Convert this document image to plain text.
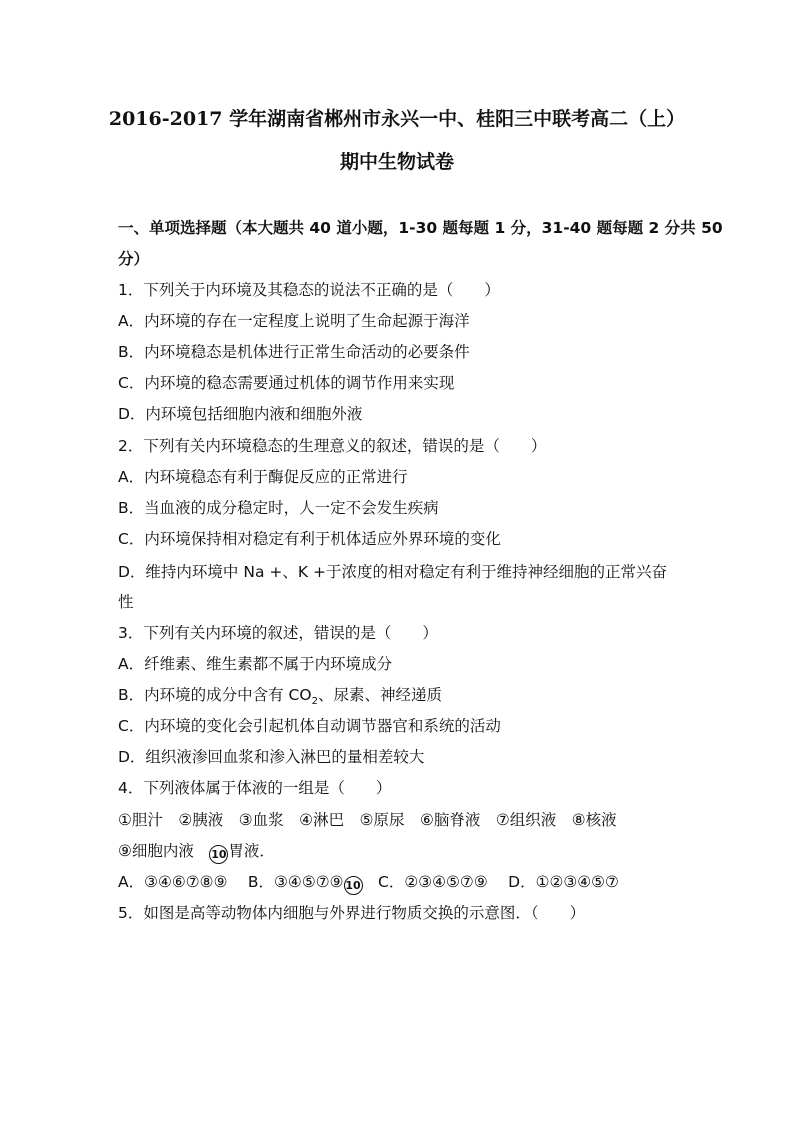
2016-2017 学年湖南省郴州市永兴一中、桂阳三中联考高二（上）
期中生物试卷
一、单项选择题（本大题共 40 道小题，1-30 题每题 1 分，31-40 题每题 2 分共 50
分）
1．下列关于内环境及其稳态的说法不正确的是（　　）
A．内环境的存在一定程度上说明了生命起源于海洋
B．内环境稳态是机体进行正常生命活动的必要条件
C．内环境的稳态需要通过机体的调节作用来实现
D．内环境包括细胞内液和细胞外液
2．下列有关内环境稳态的生理意义的叙述，错误的是（　　）
A．内环境稳态有利于酶促反应的正常进行
B．当血液的成分稳定时，人一定不会发生疾病
C．内环境保持相对稳定有利于机体适应外界环境的变化
D．维持内环境中 Na +、K +于浓度的相对稳定有利于维持神经细胞的正常兴奋
性
3．下列有关内环境的叙述，错误的是（　　）
A．纤维素、维生素都不属于内环境成分
B．内环境的成分中含有 $CO_2$、尿素、神经递质
C．内环境的变化会引起机体自动调节器官和系统的活动
D．组织液渗回血浆和渗入淋巴的量相差较大
4．下列液体属于体液的一组是（　　）
①胆汁　②胰液　③血浆　④淋巴　⑤原尿　⑥脑脊液　⑦组织液　⑧核液
⑨细胞内液　10 胃液．
A．③④⑥⑦⑧⑨　 B．③④⑤⑦⑨ 10　C．②③④⑤⑦⑨　 D．①②③④⑤⑦
5．如图是高等动物体内细胞与外界进行物质交换的示意图．（　　）
